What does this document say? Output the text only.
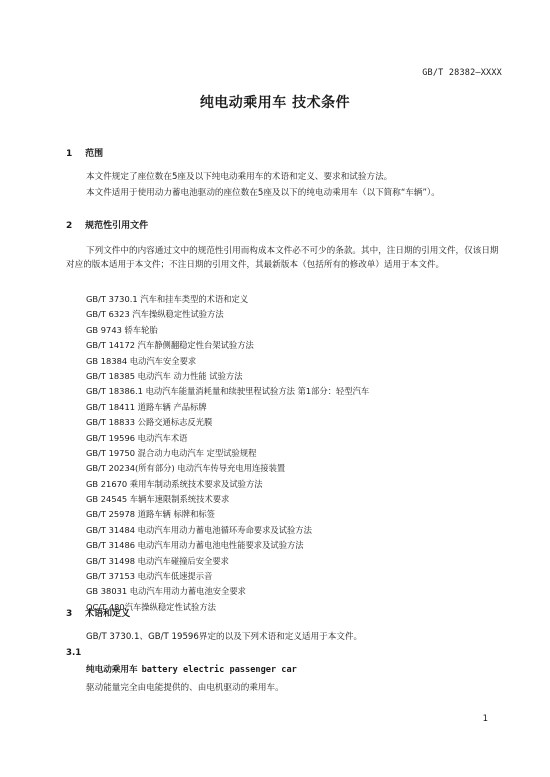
GB/T 28382—XXXX
纯电动乘用车 技术条件
1 范围
本文件规定了座位数在5座及以下纯电动乘用车的术语和定义、要求和试验方法。
本文件适用于使用动力蓄电池驱动的座位数在5座及以下的纯电动乘用车（以下简称“车辆”）。
2 规范性引用文件
下列文件中的内容通过文中的规范性引用而构成本文件必不可少的条款。其中，注日期的引用文件，仅该日期对应的版本适用于本文件；不注日期的引用文件，其最新版本（包括所有的修改单）适用于本文件。
GB/T 3730.1 汽车和挂车类型的术语和定义
GB/T 6323 汽车操纵稳定性试验方法
GB 9743 轿车轮胎
GB/T 14172 汽车静侧翻稳定性台架试验方法
GB 18384 电动汽车安全要求
GB/T 18385 电动汽车 动力性能 试验方法
GB/T 18386.1 电动汽车能量消耗量和续驶里程试验方法 第1部分：轻型汽车
GB/T 18411 道路车辆 产品标牌
GB/T 18833 公路交通标志反光膜
GB/T 19596 电动汽车术语
GB/T 19750 混合动力电动汽车 定型试验规程
GB/T 20234(所有部分) 电动汽车传导充电用连接装置
GB 21670 乘用车制动系统技术要求及试验方法
GB 24545 车辆车速限制系统技术要求
GB/T 25978 道路车辆 标牌和标签
GB/T 31484 电动汽车用动力蓄电池循环寿命要求及试验方法
GB/T 31486 电动汽车用动力蓄电池电性能要求及试验方法
GB/T 31498 电动汽车碰撞后安全要求
GB/T 37153 电动汽车低速提示音
GB 38031 电动汽车用动力蓄电池安全要求
QC/T 480汽车操纵稳定性试验方法
3 术语和定义
GB/T 3730.1、GB/T 19596界定的以及下列术语和定义适用于本文件。
3.1
纯电动乘用车 battery electric passenger car
驱动能量完全由电能提供的、由电机驱动的乘用车。
1
